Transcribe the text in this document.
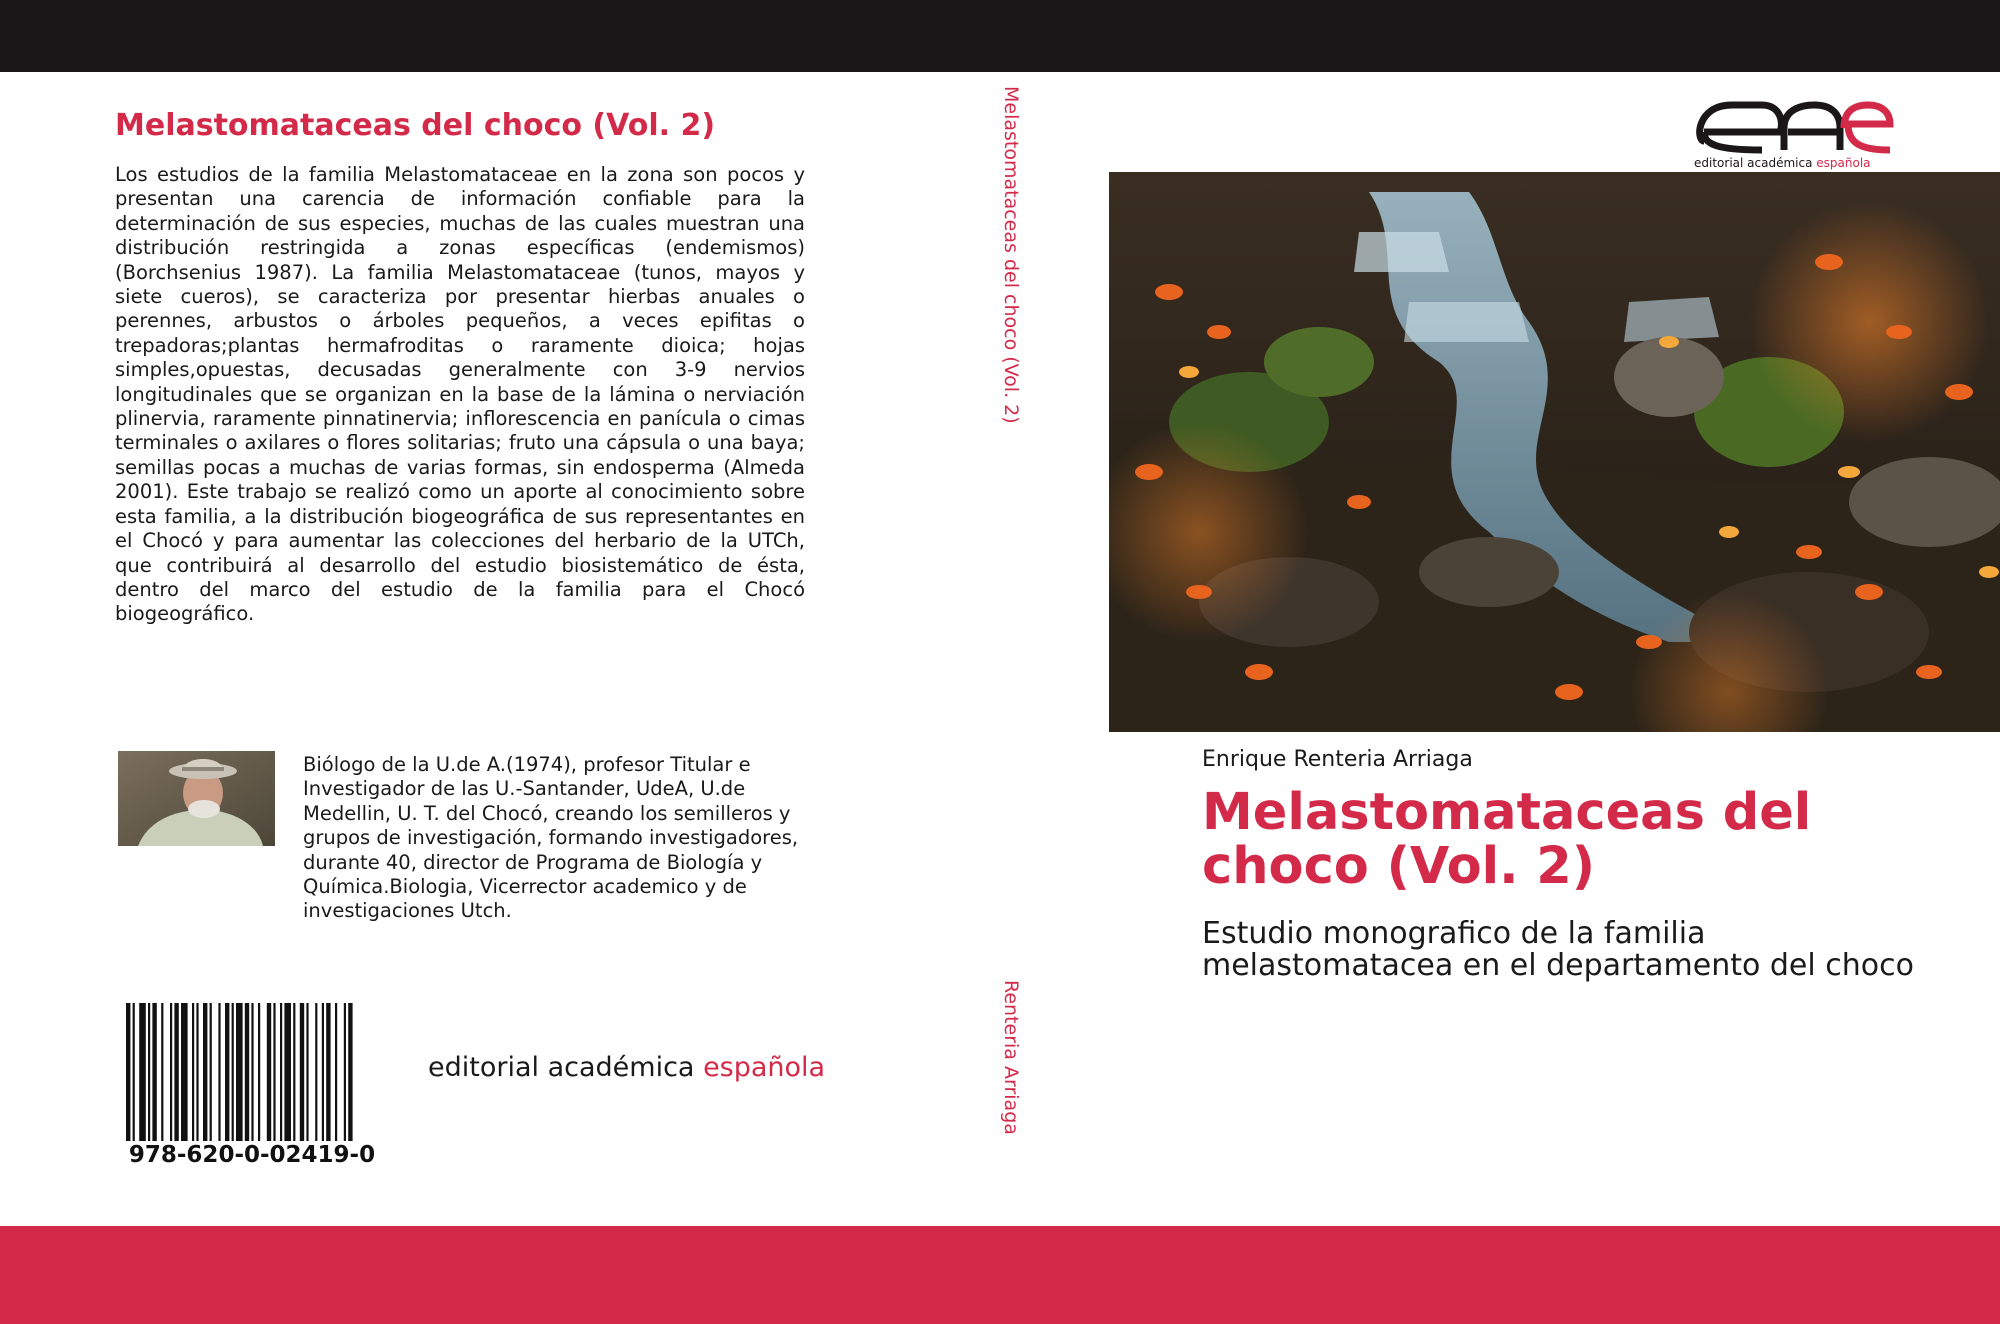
Melastomataceas del choco (Vol. 2)

Los estudios de la familia Melastomataceae en la zona son pocos y presentan una carencia de información confiable para la determinación de sus especies, muchas de las cuales muestran una distribución restringida a zonas específicas (endemismos) (Borchsenius 1987). La familia Melastomataceae (tunos, mayos y siete cueros), se caracteriza por presentar hierbas anuales o perennes, arbustos o árboles pequeños, a veces epifitas o trepadoras;plantas hermafroditas o raramente dioica; hojas simples,opuestas, decusadas generalmente con 3-9 nervios longitudinales que se organizan en la base de la lámina o nerviación plinervia, raramente pinnatinervia; inflorescencia en panícula o cimas terminales o axilares o flores solitarias; fruto una cápsula o una baya; semillas pocas a muchas de varias formas, sin endosperma (Almeda 2001). Este trabajo se realizó como un aporte al conocimiento sobre esta familia, a la distribución biogeográfica de sus representantes en el Chocó y para aumentar las colecciones del herbario de la UTCh, que contribuirá al desarrollo del estudio biosistemático de ésta, dentro del marco del estudio de la familia para el Chocó biogeográfico.

Biólogo de la U.de A.(1974), profesor Titular e Investigador de las U.-Santander, UdeA, U.de Medellin, U. T. del Chocó, creando los semilleros y grupos de investigación, formando investigadores, durante 40, director de Programa de Biología y Química.Biologia, Vicerrector academico y de investigaciones Utch.

978-620-0-02419-0
editorial académica española
Melastomataceas del choco (Vol. 2)
Renteria Arriaga
editorial académica española
Enrique Renteria Arriaga

Melastomataceas del choco (Vol. 2)

Estudio monografico de la familia melastomatacea en el departamento del choco
